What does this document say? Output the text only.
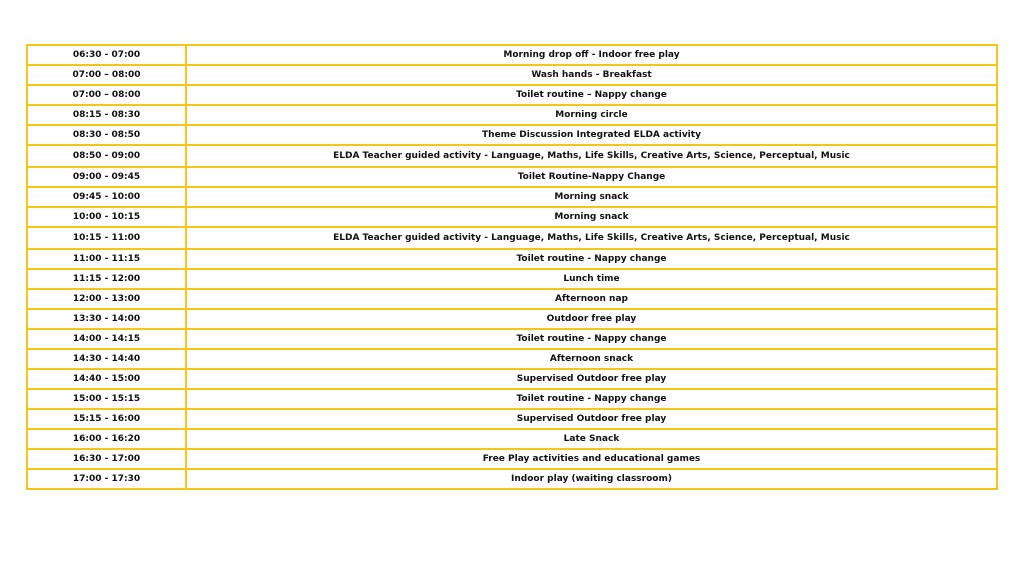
06:30 - 07:00	Morning drop off - Indoor free play
07:00 – 08:00	Wash hands - Breakfast
07:00 – 08:00	Toilet routine – Nappy change
08:15 - 08:30	Morning circle
08:30 - 08:50	Theme Discussion Integrated ELDA activity
08:50 - 09:00	ELDA Teacher guided activity - Language, Maths, Life Skills, Creative Arts, Science, Perceptual, Music
09:00 - 09:45	Toilet Routine-Nappy Change
09:45 - 10:00	Morning snack
10:00 - 10:15	Morning snack
10:15 - 11:00	ELDA Teacher guided activity - Language, Maths, Life Skills, Creative Arts, Science, Perceptual, Music
11:00 - 11:15	Toilet routine - Nappy change
11:15 - 12:00	Lunch time
12:00 - 13:00	Afternoon nap
13:30 - 14:00	Outdoor free play
14:00 - 14:15	Toilet routine - Nappy change
14:30 - 14:40	Afternoon snack
14:40 - 15:00	Supervised Outdoor free play
15:00 - 15:15	Toilet routine - Nappy change
15:15 - 16:00	Supervised Outdoor free play
16:00 - 16:20	Late Snack
16:30 - 17:00	Free Play activities and educational games
17:00 - 17:30	Indoor play (waiting classroom)
